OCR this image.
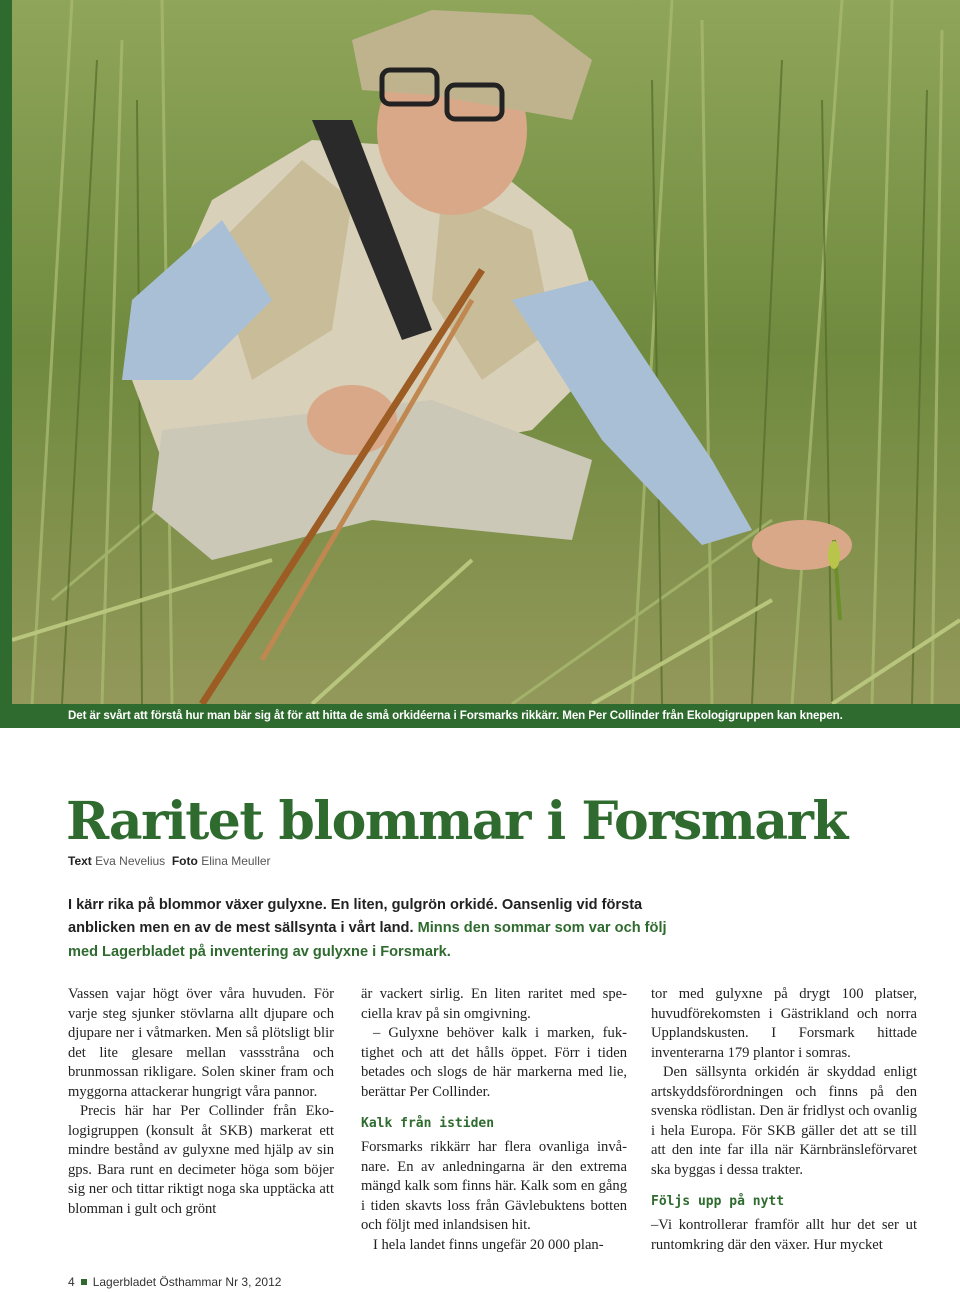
Det är svårt att förstå hur man bär sig åt för att hitta de små orkidéerna i Forsmarks rikkärr. Men Per Collinder från Ekologigruppen kan knepen.
Raritet blommar i Forsmark
Text Eva Nevelius Foto Elina Meuller

I kärr rika på blommor växer gulyxne. En liten, gulgrön orkidé. Oansenlig vid första anblicken men en av de mest sällsynta i vårt land. Minns den sommar som var och följ med Lagerbladet på inventering av gulyxne i Forsmark.

Vassen vajar högt över våra huvuden. För varje steg sjunker stövlarna allt djupare och djupare ner i våtmarken. Men så plötsligt blir det lite glesare mellan vassstråna och brunmossan rikligare. Solen skiner fram och myggorna attackerar hungrigt våra pannor.

Precis här har Per Collinder från Ekologigruppen (konsult åt SKB) markerat ett mindre bestånd av gulyxne med hjälp av sin gps. Bara runt en decimeter höga som böjer sig ner och tittar riktigt noga ska upptäcka att blomman i gult och grönt

är vackert sirlig. En liten raritet med speciella krav på sin omgivning.

– Gulyxne behöver kalk i marken, fuktighet och att det hålls öppet. Förr i tiden betades och slogs de här markerna med lie, berättar Per Collinder.

Kalk från istiden

Forsmarks rikkärr har flera ovanliga invånare. En av anledningarna är den extrema mängd kalk som finns här. Kalk som en gång i tiden skavts loss från Gävlebuktens botten och följt med inlandsisen hit.

I hela landet finns ungefär 20 000 plan-

tor med gulyxne på drygt 100 platser, huvudförekomsten i Gästrikland och norra Upplandskusten. I Forsmark hittade inventerarna 179 plantor i somras.

Den sällsynta orkidén är skyddad enligt artskyddsförordningen och finns på den svenska rödlistan. Den är fridlyst och ovanlig i hela Europa. För SKB gäller det att se till att den inte far illa när Kärnbränsleförvaret ska byggas i dessa trakter.

Följs upp på nytt

–Vi kontrollerar framför allt hur det ser ut runtomkring där den växer. Hur mycket

4 Lagerbladet Östhammar Nr 3, 2012
